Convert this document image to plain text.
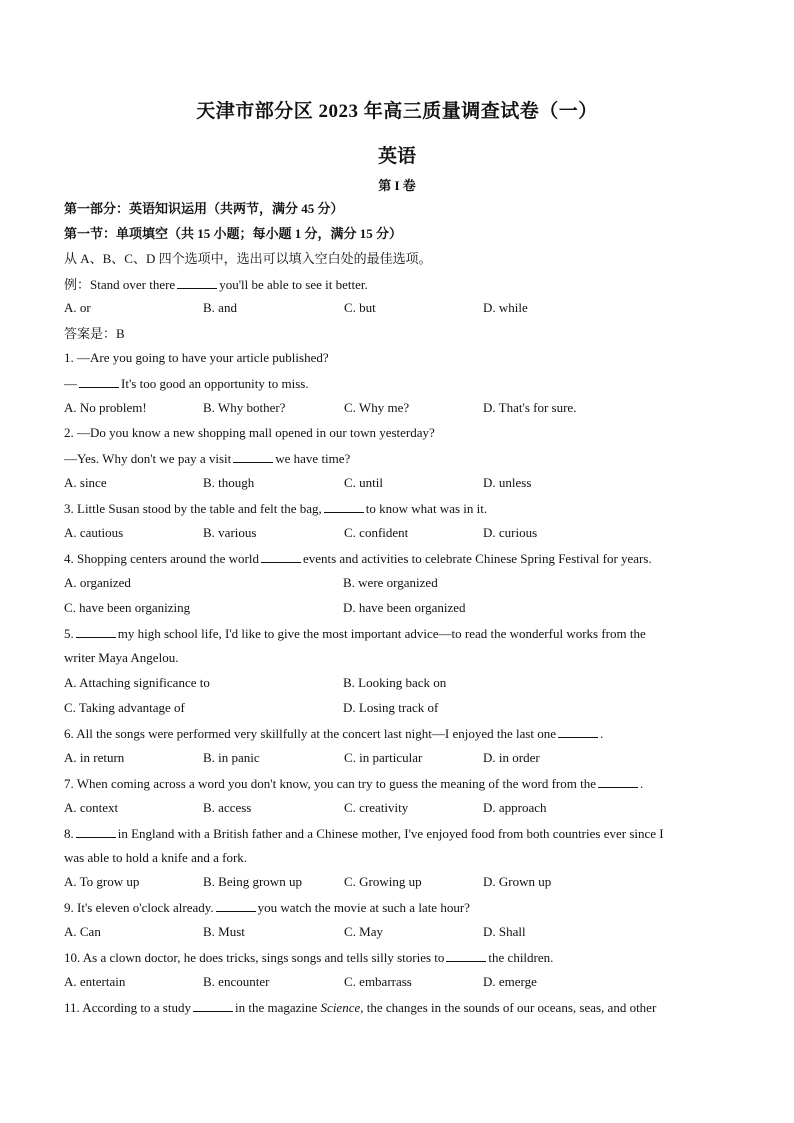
天津市部分区 2023 年高三质量调查试卷（一）
英语
第 I 卷
第一部分：英语知识运用（共两节，满分 45 分）
第一节：单项填空（共 15 小题；每小题 1 分，满分 15 分）
从 A、B、C、D 四个选项中，选出可以填入空白处的最佳选项。
例：Stand over there	you'll be able to see it better.
A. or	B. and	C. but	D. while
答案是：B
1. —Are you going to have your article published?
—	It's too good an opportunity to miss.
A. No problem!	B. Why bother?	C. Why me?	D. That's for sure.
2. —Do you know a new shopping mall opened in our town yesterday?
—Yes. Why don't we pay a visit	we have time?
A. since	B. though	C. until	D. unless
3. Little Susan stood by the table and felt the bag,	to know what was in it.
A. cautious	B. various	C. confident	D. curious
4. Shopping centers around the world	events and activities to celebrate Chinese Spring Festival for years.
A. organized	B. were organized
C. have been organizing	D. have been organized
5.	my high school life, I'd like to give the most important advice—to read the wonderful works from the
writer Maya Angelou.
A. Attaching significance to	B. Looking back on
C. Taking advantage of	D. Losing track of
6. All the songs were performed very skillfully at the concert last night—I enjoyed the last one	.
A. in return	B. in panic	C. in particular	D. in order
7. When coming across a word you don't know, you can try to guess the meaning of the word from the	.
A. context	B. access	C. creativity	D. approach
8.	in England with a British father and a Chinese mother, I've enjoyed food from both countries ever since I
was able to hold a knife and a fork.
A. To grow up	B. Being grown up	C. Growing up	D. Grown up
9. It's eleven o'clock already.	you watch the movie at such a late hour?
A. Can	B. Must	C. May	D. Shall
10. As a clown doctor, he does tricks, sings songs and tells silly stories to	the children.
A. entertain	B. encounter	C. embarrass	D. emerge
11. According to a study	in the magazine Science, the changes in the sounds of our oceans, seas, and other
